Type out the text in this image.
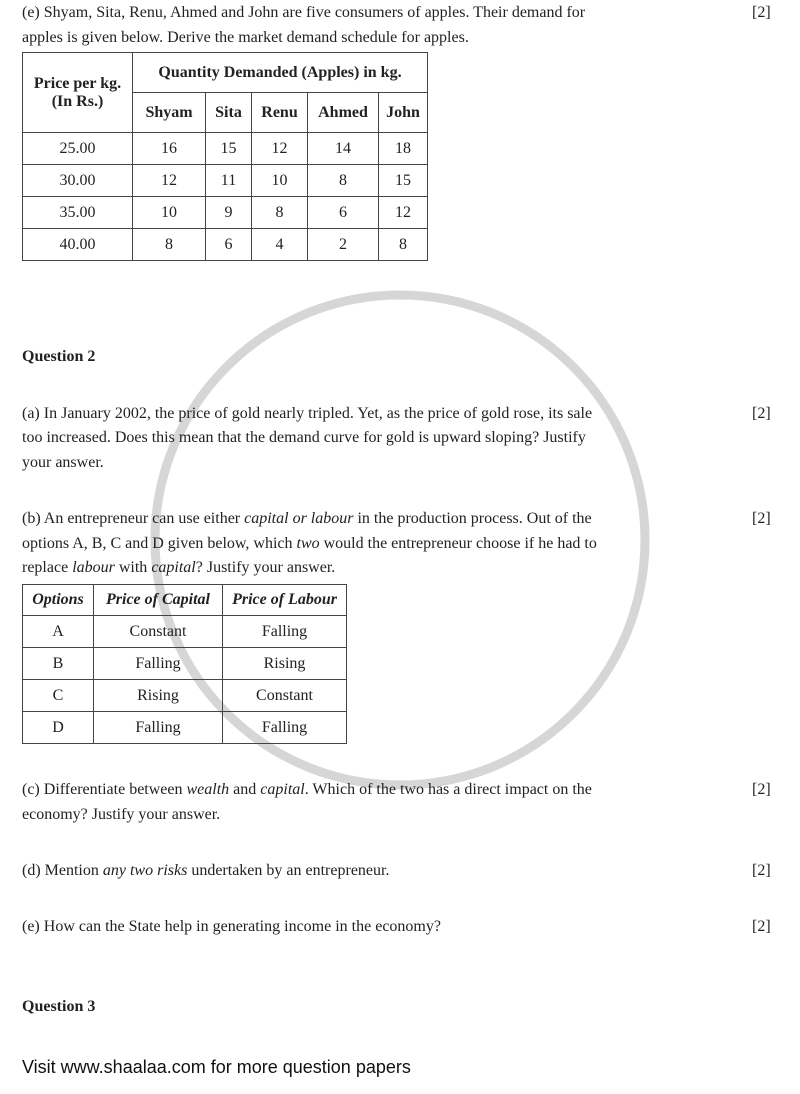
(e) Shyam, Sita, Renu, Ahmed and John are five consumers of apples. Their demand for
apples is given below. Derive the market demand schedule for apples.
[2]
Price per kg.
(In Rs.)	Quantity Demanded (Apples) in kg.				
	Shyam	Sita	Renu	Ahmed	John
25.00	16	15	12	14	18
30.00	12	11	10	8	15
35.00	10	9	8	6	12
40.00	8	6	4	2	8
Question 2
(a) In January 2002, the price of gold nearly tripled. Yet, as the price of gold rose, its sale
too increased. Does this mean that the demand curve for gold is upward sloping? Justify
your answer.
[2]
(b) An entrepreneur can use either capital or labour in the production process. Out of the
options A, B, C and D given below, which two would the entrepreneur choose if he had to
replace labour with capital? Justify your answer.
[2]
Options	Price of Capital	Price of Labour
A	Constant	Falling
B	Falling	Rising
C	Rising	Constant
D	Falling	Falling
(c) Differentiate between wealth and capital. Which of the two has a direct impact on the
economy? Justify your answer.
[2]
(d) Mention any two risks undertaken by an entrepreneur.	[2]
(e) How can the State help in generating income in the economy?	[2]
Question 3
Visit www.shaalaa.com for more question papers
